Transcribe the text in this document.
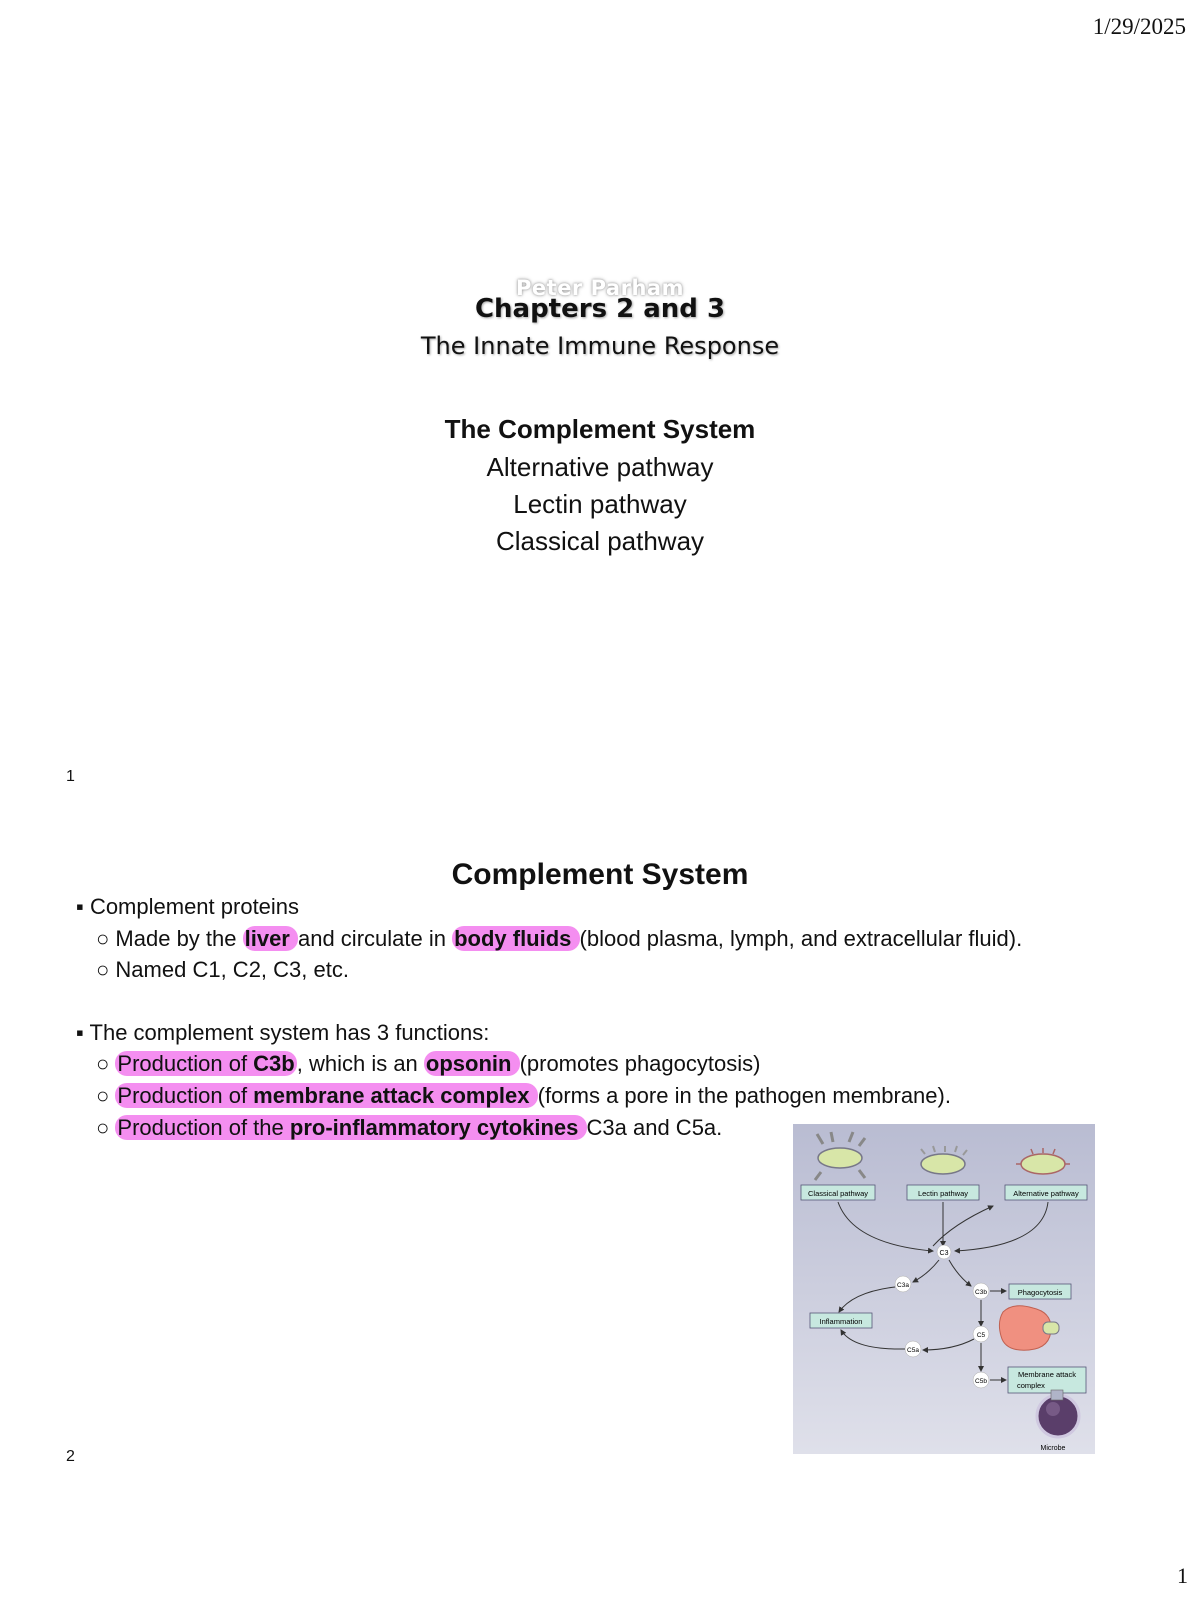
1/29/2025
Chapters 2 and 3
Peter Parham
The Innate Immune Response
The Complement System
Alternative pathway
Lectin pathway
Classical pathway
1
Complement System
▪ Complement proteins
○ Made by the liver and circulate in body fluids (blood plasma, lymph, and extracellular fluid).
○ Named C1, C2, C3, etc.
▪ The complement system has 3 functions:
○ Production of C3b, which is an opsonin (promotes phagocytosis)
○ Production of membrane attack complex (forms a pore in the pathogen membrane).
○ Production of the pro-inflammatory cytokines C3a and C5a.
Classical pathway	Lectin pathway	Alternative pathway
C3
C3a
C3b	Phagocytosis
Inflammation
C5
C5a
C5b
Membrane attack
complex
Microbe
2
1
